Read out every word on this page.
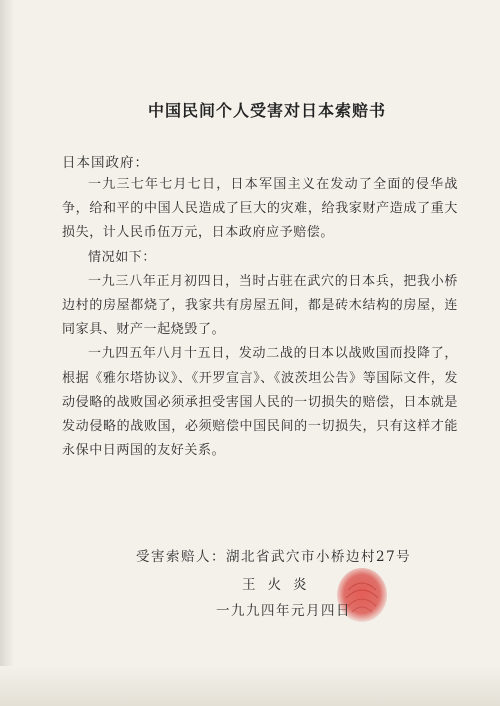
中国民间个人受害对日本索赔书
日本国政府：

一九三七年七月七日，日本军国主义在发动了全面的侵华战争，给和平的中国人民造成了巨大的灾难，给我家财产造成了重大损失，计人民币伍万元，日本政府应予赔偿。

情况如下：

一九三八年正月初四日，当时占驻在武穴的日本兵，把我小桥边村的房屋都烧了，我家共有房屋五间，都是砖木结构的房屋，连同家具、财产一起烧毁了。

一九四五年八月十五日，发动二战的日本以战败国而投降了，根据《雅尔塔协议》、《开罗宣言》、《波茨坦公告》等国际文件，发动侵略的战败国必须承担受害国人民的一切损失的赔偿，日本就是发动侵略的战败国，必须赔偿中国民间的一切损失，只有这样才能永保中日两国的友好关系。

受害索赔人：湖北省武穴市小桥边村27号
王火炎
一九九四年元月四日
